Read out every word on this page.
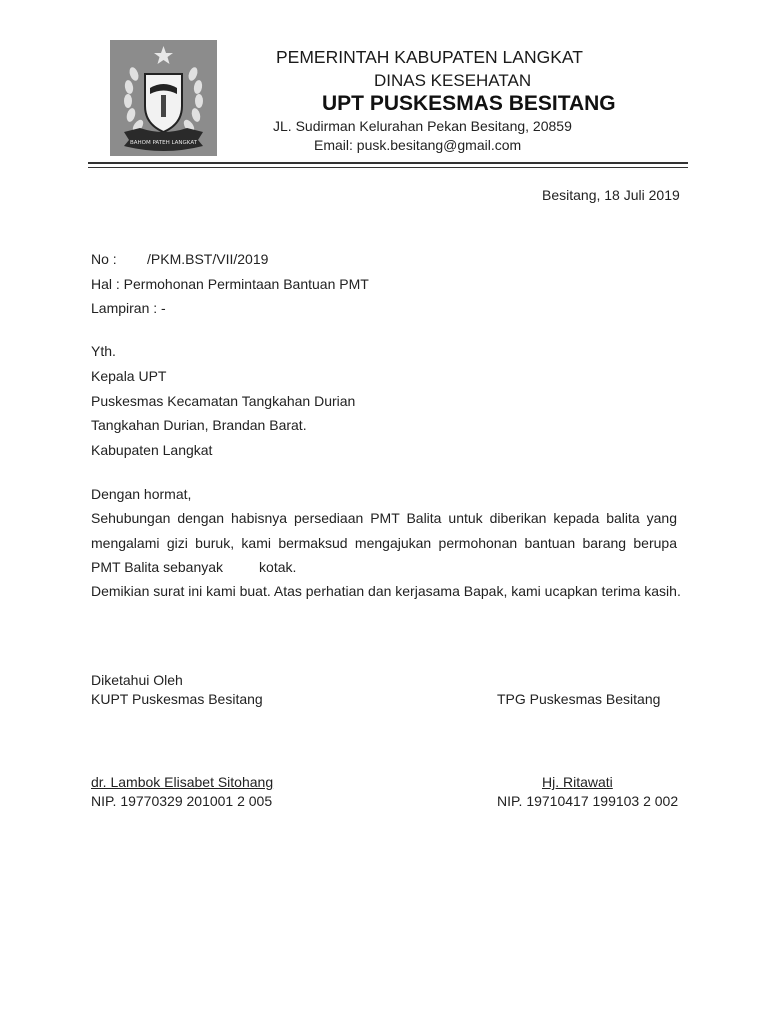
BAHOM PATEH LANGKAT
PEMERINTAH KABUPATEN LANGKAT
DINAS KESEHATAN
UPT PUSKESMAS BESITANG
JL. Sudirman Kelurahan Pekan Besitang, 20859
Email: pusk.besitang@gmail.com
Besitang, 18 Juli 2019
No : /PKM.BST/VII/2019
Hal : Permohonan Permintaan Bantuan PMT
Lampiran : -
Yth.
Kepala UPT
Puskesmas Kecamatan Tangkahan Durian
Tangkahan Durian, Brandan Barat.
Kabupaten Langkat
Dengan hormat,

Sehubungan dengan habisnya persediaan PMT Balita untuk diberikan kepada balita yang mengalami gizi buruk, kami bermaksud mengajukan permohonan bantuan barang berupa PMT Balita sebanyak	kotak.

Demikian surat ini kami buat. Atas perhatian dan kerjasama Bapak, kami ucapkan terima kasih.
Diketahui Oleh
KUPT Puskesmas Besitang	TPG Puskesmas Besitang
dr. Lambok Elisabet Sitohang
NIP. 19770329 201001 2 005
Hj. Ritawati
NIP. 19710417 199103 2 002
